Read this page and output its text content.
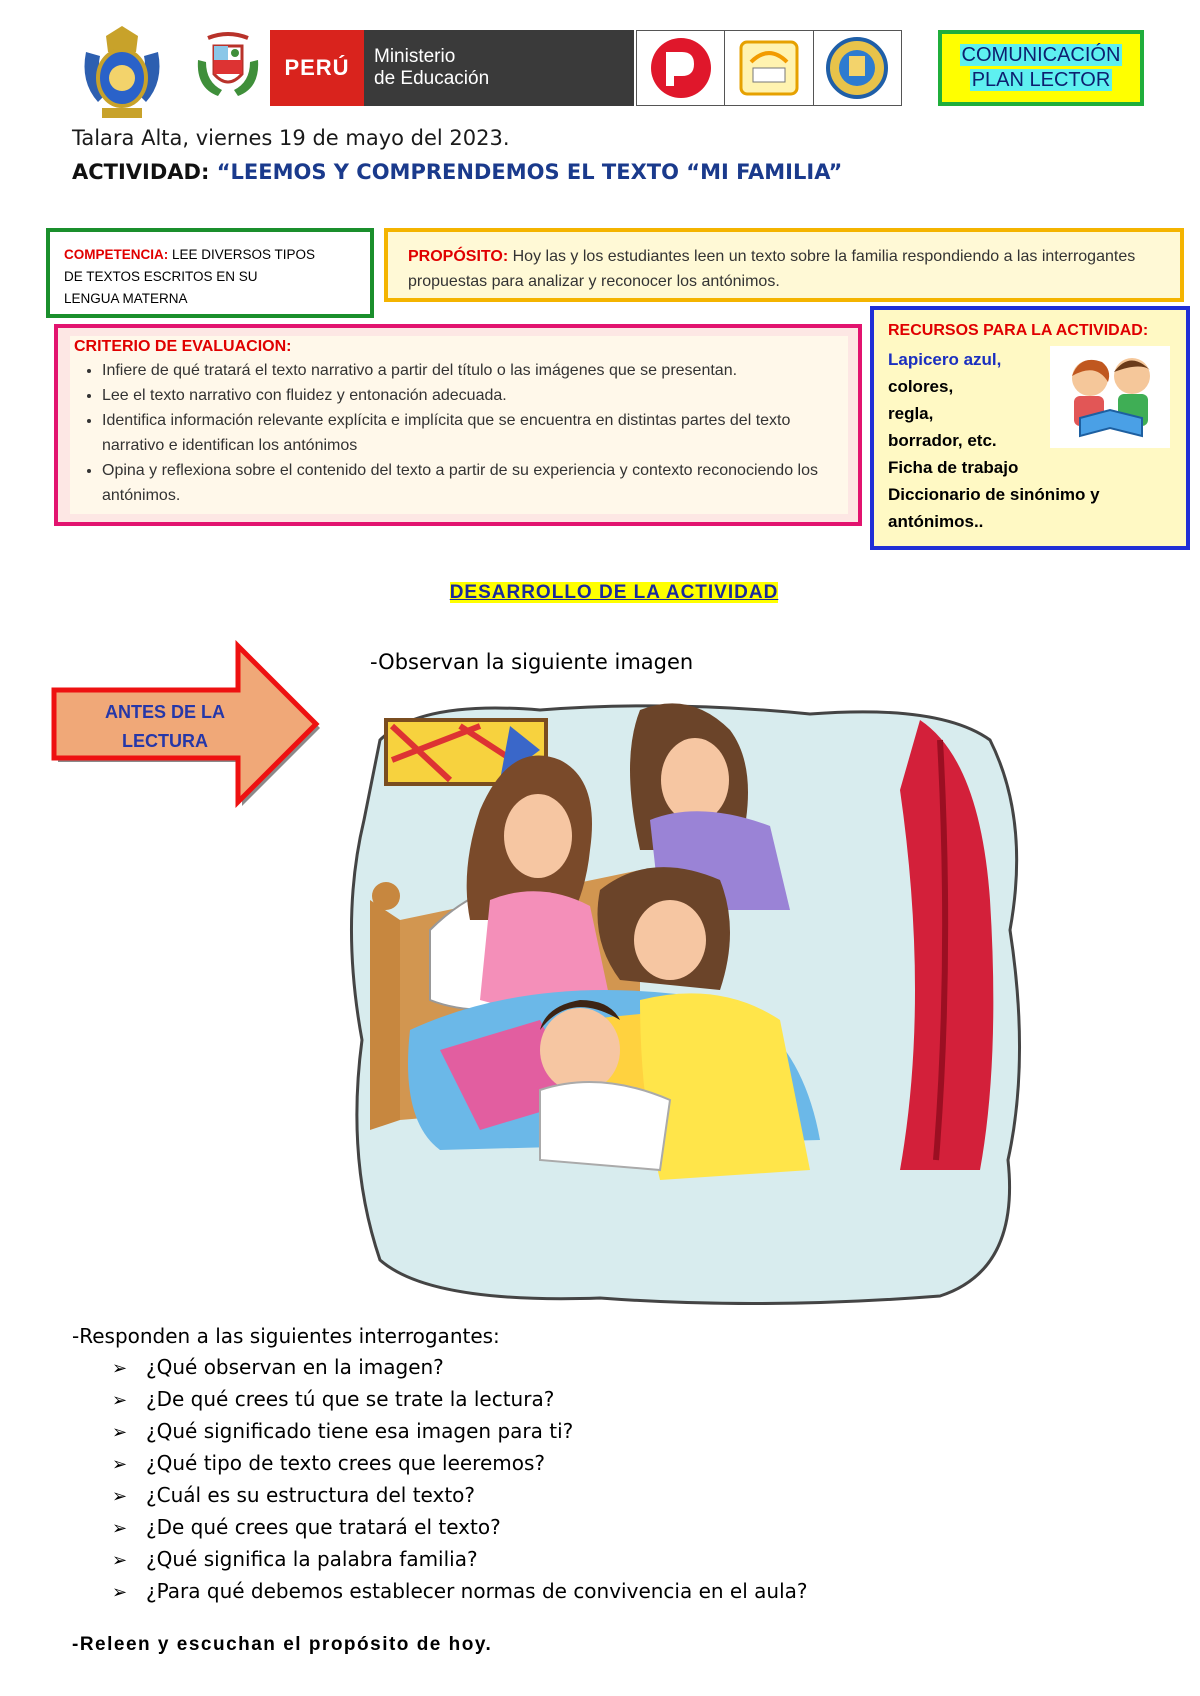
PERÚ	Ministerio
de Educación
COMUNICACIÓN
PLAN LECTOR
Talara Alta, viernes 19 de mayo del 2023.
ACTIVIDAD: “LEEMOS Y COMPRENDEMOS EL TEXTO “MI FAMILIA”
COMPETENCIA: LEE DIVERSOS TIPOS
DE TEXTOS ESCRITOS EN SU
LENGUA MATERNA
PROPÓSITO: Hoy las y los estudiantes leen un texto sobre la familia respondiendo a las interrogantes propuestas para analizar y reconocer los antónimos.
CRITERIO DE EVALUACION:
• Infiere de qué tratará el texto narrativo a partir del título o las imágenes que se presentan.
• Lee el texto narrativo con fluidez y entonación adecuada.
• Identifica información relevante explícita e implícita que se encuentra en distintas partes del texto narrativo e identifican los antónimos
• Opina y reflexiona sobre el contenido del texto a partir de su experiencia y contexto reconociendo los antónimos.
RECURSOS PARA LA ACTIVIDAD:
Lapicero azul,
colores,
regla,
borrador, etc.
Ficha de trabajo
Diccionario de sinónimo y
antónimos..
DESARROLLO DE LA ACTIVIDAD
-Observan la siguiente imagen
ANTES DE LA
LECTURA
-Responden a las siguientes interrogantes:
➢ ¿Qué observan en la imagen?
➢ ¿De qué crees tú que se trate la lectura?
➢ ¿Qué significado tiene esa imagen para ti?
➢ ¿Qué tipo de texto crees que leeremos?
➢ ¿Cuál es su estructura del texto?
➢ ¿De qué crees que tratará el texto?
➢ ¿Qué significa la palabra familia?
➢ ¿Para qué debemos establecer normas de convivencia en el aula?
-Releen y escuchan el propósito de hoy.
